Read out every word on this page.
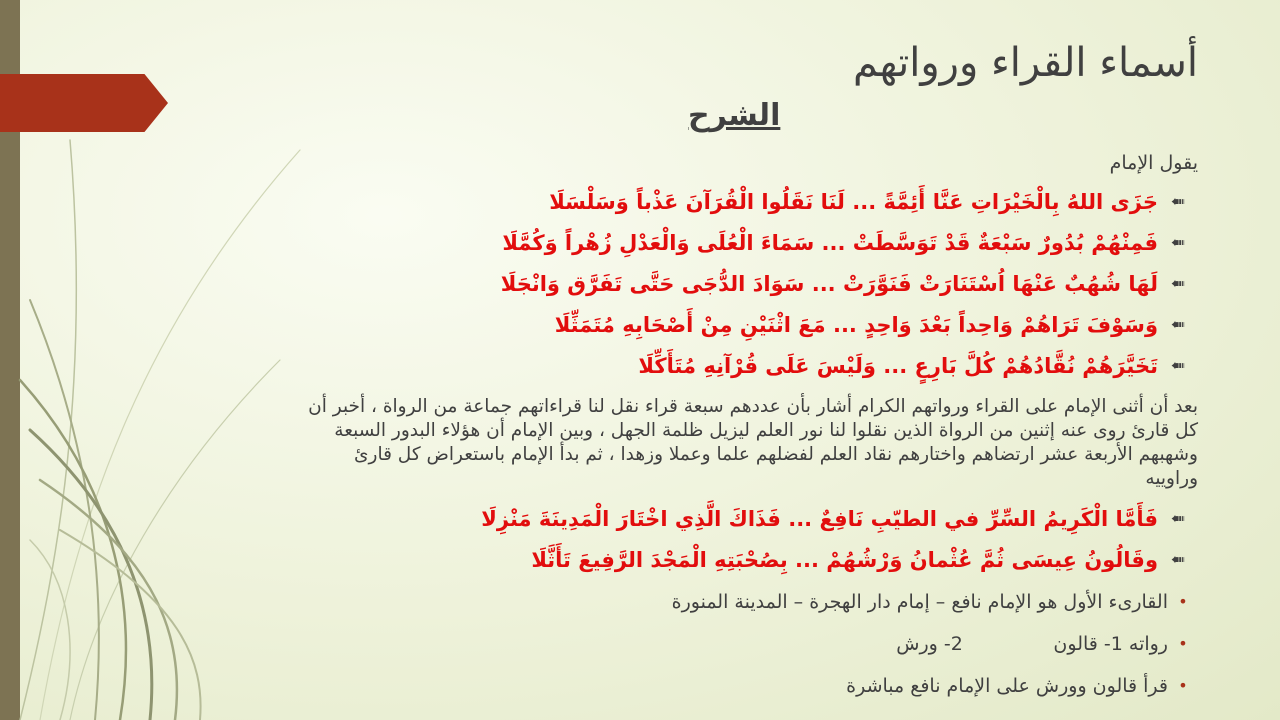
أسماء القراء ورواتهم
الشرح

يقول الإمام

➠
جَزَى اللهُ بِالْخَيْرَاتِ عَنَّا أَئِمَّةً ... لَنَا نَقَلُوا الْقُرَآنَ عَذْباً وَسَلْسَلَا
➠
فَمِنْهُمْ بُدُورٌ سَبْعَةٌ قَدْ تَوَسَّطَتْ ... سَمَاءَ الْعُلَى وَالْعَدْلِ زُهْراً وَكُمَّلَا
➠
لَهَا شُهُبٌ عَنْهَا اُسْتَنَارَتْ فَنَوَّرَتْ ... سَوَادَ الدُّجَى حَتَّى تَفَرَّق وَانْجَلَا
➠
وَسَوْفَ تَرَاهُمْ وَاحِداً بَعْدَ وَاحِدٍ ... مَعَ اثْنَيْنِ مِنْ أَصْحَابِهِ مُتَمَثِّلَا
➠
تَخَيَّرَهُمْ نُقَّادُهُمْ كُلَّ بَارِعٍ ... وَلَيْسَ عَلَى قُرْآنِهِ مُتَأَكِّلَا

بعد أن أثنى الإمام على القراء ورواتهم الكرام أشار بأن عددهم سبعة قراء نقل لنا قراءاتهم جماعة من الرواة ، أخبر أن كل قارئ روى عنه إثنين من الرواة الذين نقلوا لنا نور العلم ليزيل ظلمة الجهل ، وبين الإمام أن هؤلاء البدور السبعة وشهبهم الأربعة عشر ارتضاهم واختارهم نقاد العلم لفضلهم علما وعملا وزهدا ، ثم بدأ الإمام باستعراض كل قارئ وراوييه

➠
فَأَمَّا الْكَرِيمُ السِّرِّ في الطيّبِ نَافِعٌ ... فَذَاكَ الَّذِي اخْتَارَ الْمَدِينَةَ مَنْزِلَا
➠
وقَالُونُ عِيسَى ثُمَّ عُثْمانُ وَرْشُهُمْ ... بِصُحْبَتِهِ الْمَجْدَ الرَّفِيعَ تَأَثَّلَا
•
القارىء الأول هو الإمام نافع – إمام دار الهجرة – المدينة المنورة
•
رواته 1- قالون               2- ورش
•
قرأ قالون وورش على الإمام نافع مباشرة
